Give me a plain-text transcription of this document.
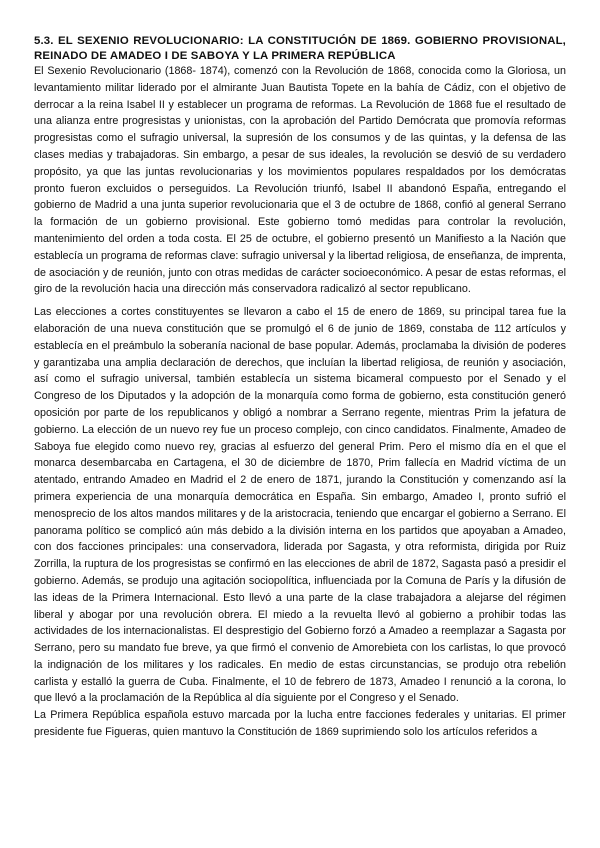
5.3. EL SEXENIO REVOLUCIONARIO: LA CONSTITUCIÓN DE 1869. GOBIERNO PROVISIONAL, REINADO DE AMADEO I DE SABOYA Y LA PRIMERA REPÚBLICA

El Sexenio Revolucionario (1868- 1874), comenzó con la Revolución de 1868, conocida como la Gloriosa, un levantamiento militar liderado por el almirante Juan Bautista Topete en la bahía de Cádiz, con el objetivo de derrocar a la reina Isabel II y establecer un programa de reformas. La Revolución de 1868 fue el resultado de una alianza entre progresistas y unionistas, con la aprobación del Partido Demócrata que promovía reformas progresistas como el sufragio universal, la supresión de los consumos y de las quintas, y la defensa de las clases medias y trabajadoras. Sin embargo, a pesar de sus ideales, la revolución se desvió de su verdadero propósito, ya que las juntas revolucionarias y los movimientos populares respaldados por los demócratas pronto fueron excluidos o perseguidos. La Revolución triunfó, Isabel II abandonó España, entregando el gobierno de Madrid a una junta superior revolucionaria que el 3 de octubre de 1868, confió al general Serrano la formación de un gobierno provisional. Este gobierno tomó medidas para controlar la revolución, mantenimiento del orden a toda costa. El 25 de octubre, el gobierno presentó un Manifiesto a la Nación que establecía un programa de reformas clave: sufragio universal y la libertad religiosa, de enseñanza, de imprenta, de asociación y de reunión, junto con otras medidas de carácter socioeconómico. A pesar de estas reformas, el giro de la revolución hacia una dirección más conservadora radicalizó al sector republicano.

Las elecciones a cortes constituyentes se llevaron a cabo el 15 de enero de 1869, su principal tarea fue la elaboración de una nueva constitución que se promulgó el 6 de junio de 1869, constaba de 112 artículos y establecía en el preámbulo la soberanía nacional de base popular. Además, proclamaba la división de poderes y garantizaba una amplia declaración de derechos, que incluían la libertad religiosa, de reunión y asociación, así como el sufragio universal, también establecía un sistema bicameral compuesto por el Senado y el Congreso de los Diputados y la adopción de la monarquía como forma de gobierno, esta constitución generó oposición por parte de los republicanos y obligó a nombrar a Serrano regente, mientras Prim la jefatura de gobierno. La elección de un nuevo rey fue un proceso complejo, con cinco candidatos. Finalmente, Amadeo de Saboya fue elegido como nuevo rey, gracias al esfuerzo del general Prim. Pero el mismo día en el que el monarca desembarcaba en Cartagena, el 30 de diciembre de 1870, Prim fallecía en Madrid víctima de un atentado, entrando Amadeo en Madrid el 2 de enero de 1871, jurando la Constitución y comenzando así la primera experiencia de una monarquía democrática en España. Sin embargo, Amadeo I, pronto sufrió el menosprecio de los altos mandos militares y de la aristocracia, teniendo que encargar el gobierno a Serrano. El panorama político se complicó aún más debido a la división interna en los partidos que apoyaban a Amadeo, con dos facciones principales: una conservadora, liderada por Sagasta, y otra reformista, dirigida por Ruiz Zorrilla, la ruptura de los progresistas se confirmó en las elecciones de abril de 1872, Sagasta pasó a presidir el gobierno. Además, se produjo una agitación sociopolítica, influenciada por la Comuna de París y la difusión de las ideas de la Primera Internacional. Esto llevó a una parte de la clase trabajadora a alejarse del régimen liberal y abogar por una revolución obrera. El miedo a la revuelta llevó al gobierno a prohibir todas las actividades de los internacionalistas. El desprestigio del Gobierno forzó a Amadeo a reemplazar a Sagasta por Serrano, pero su mandato fue breve, ya que firmó el convenio de Amorebieta con los carlistas, lo que provocó la indignación de los militares y los radicales. En medio de estas circunstancias, se produjo otra rebelión carlista y estalló la guerra de Cuba. Finalmente, el 10 de febrero de 1873, Amadeo I renunció a la corona, lo que llevó a la proclamación de la República al día siguiente por el Congreso y el Senado.

La Primera República española estuvo marcada por la lucha entre facciones federales y unitarias. El primer presidente fue Figueras, quien mantuvo la Constitución de 1869 suprimiendo solo los artículos referidos a
